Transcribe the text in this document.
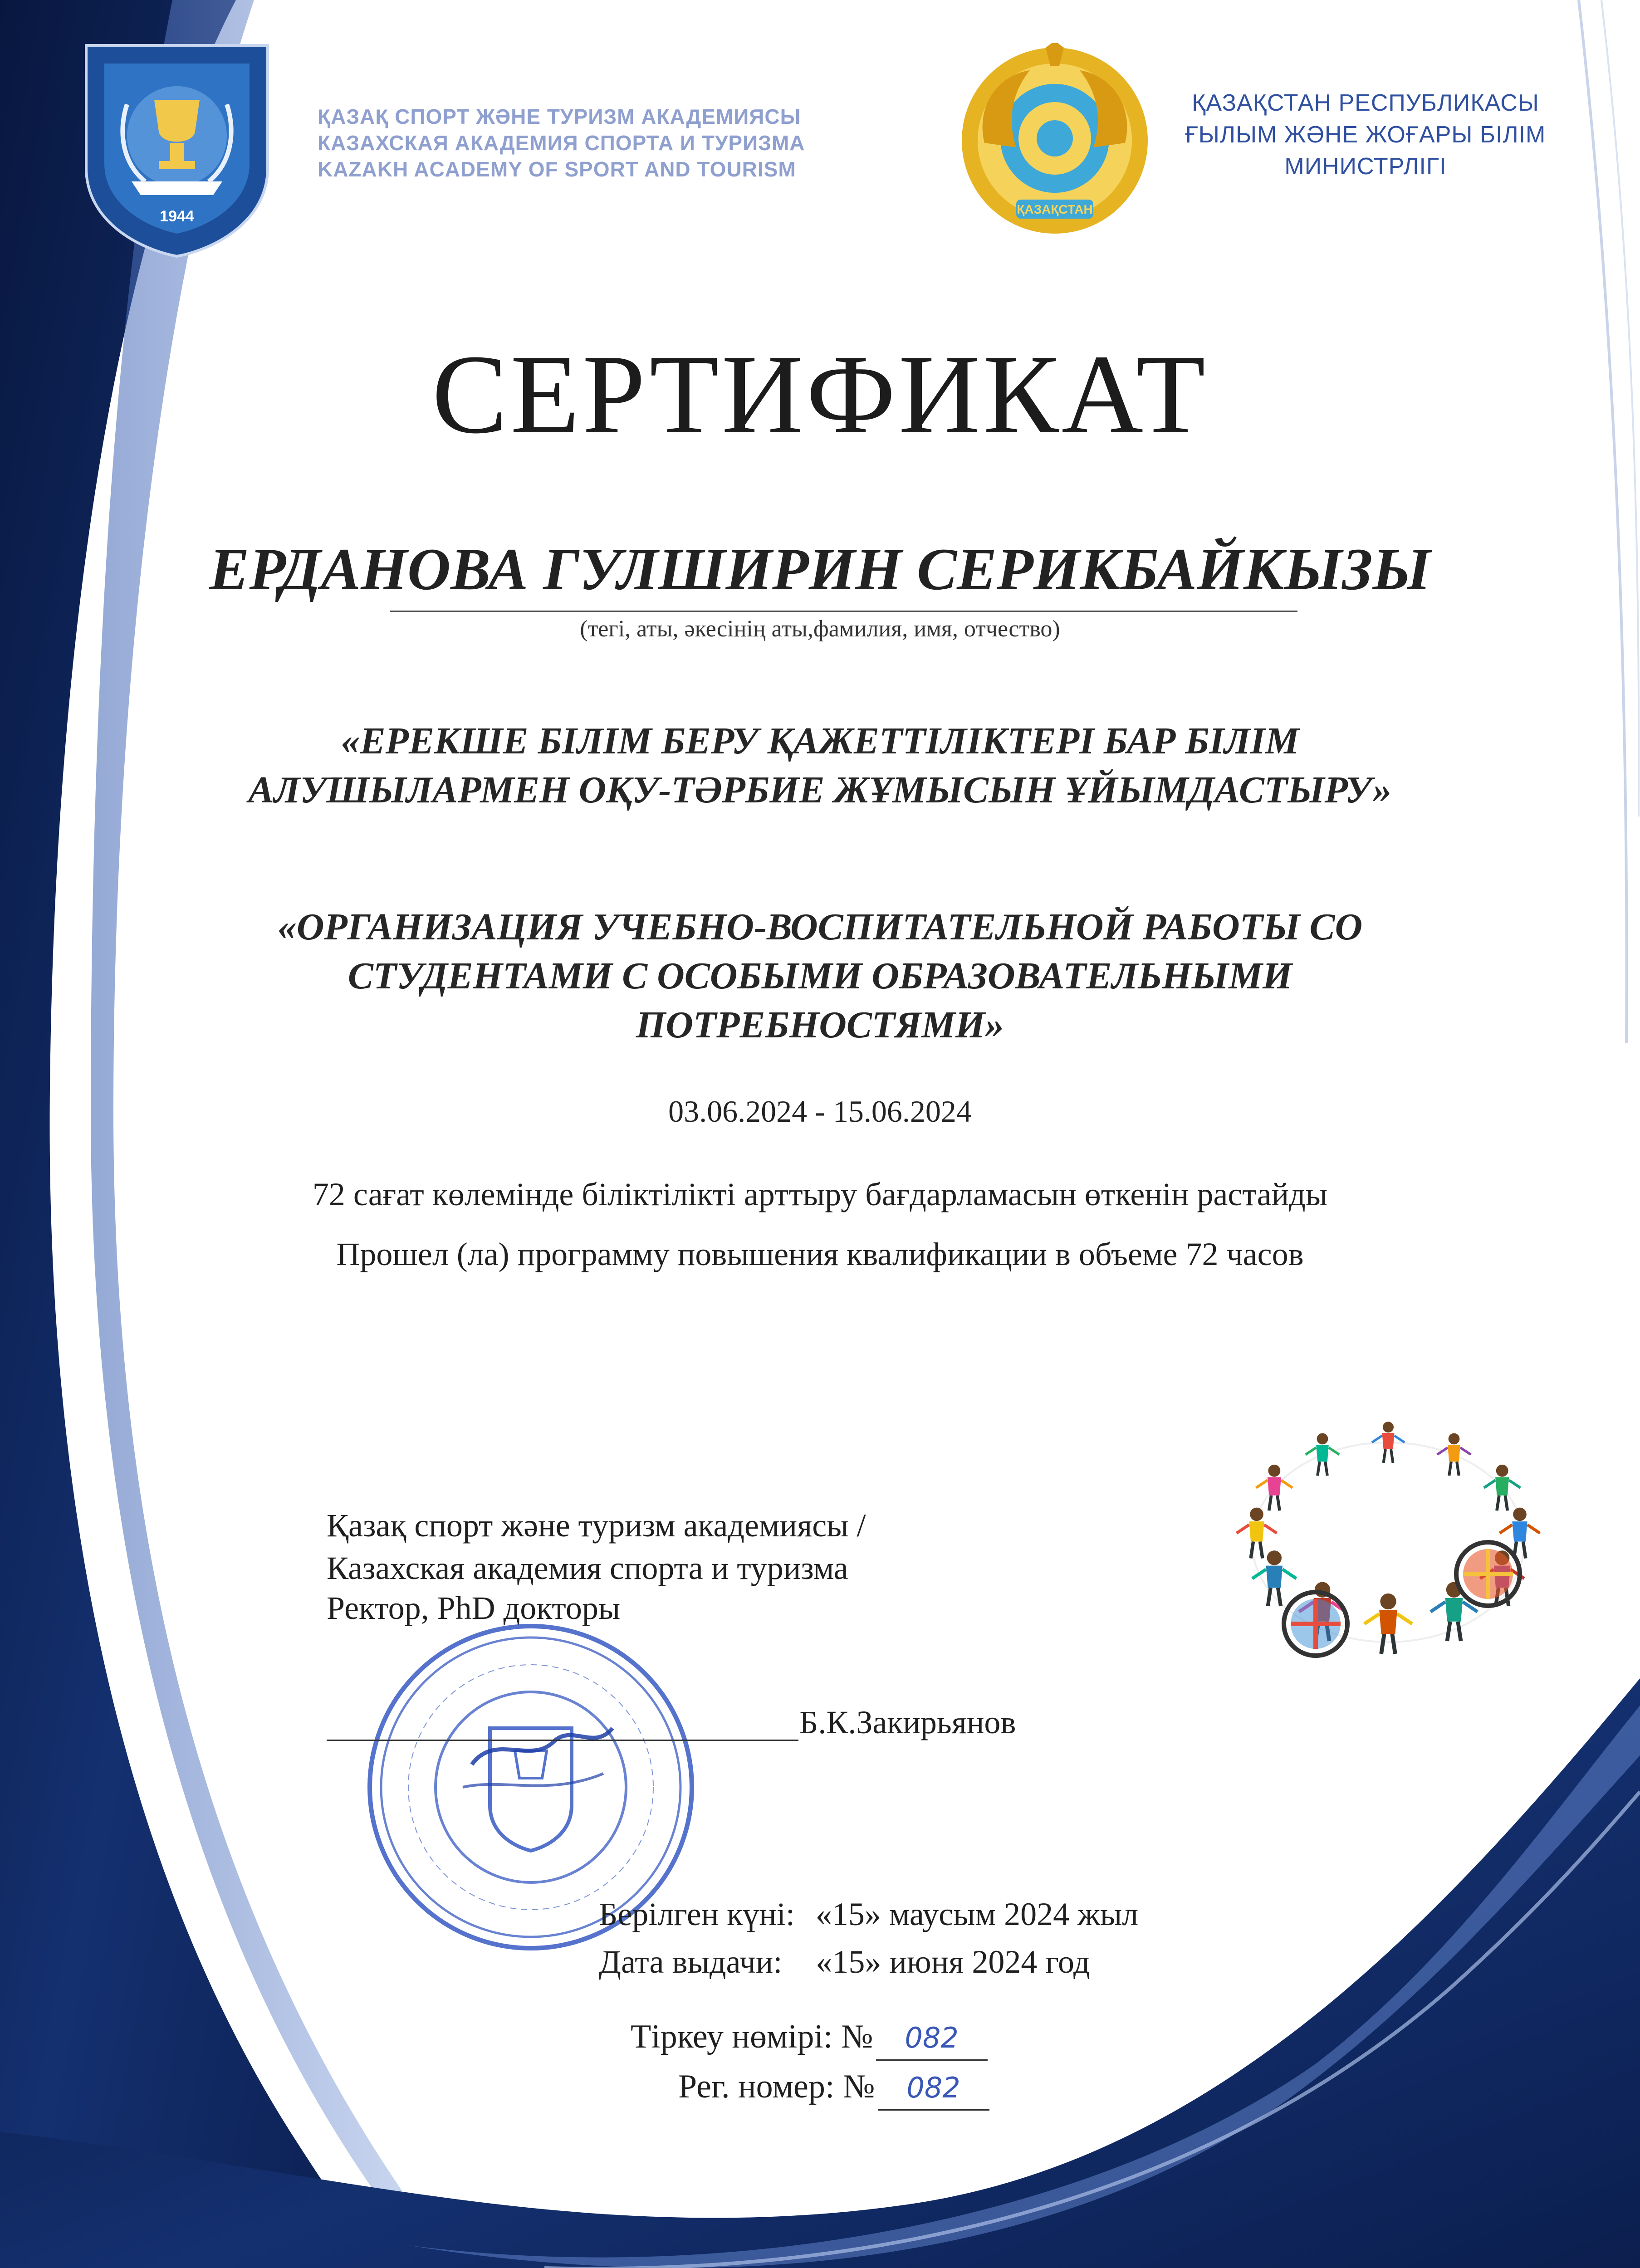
1944
ҚАЗАҚ СПОРТ ЖӘНЕ ТУРИЗМ АКАДЕМИЯСЫ
КАЗАХСКАЯ АКАДЕМИЯ СПОРТА И ТУРИЗМА
KAZAKH ACADEMY OF SPORT AND TOURISM
ҚАЗАҚСТАН
ҚАЗАҚСТАН РЕСПУБЛИКАСЫ
ҒЫЛЫМ ЖӘНЕ ЖОҒАРЫ БІЛІМ
МИНИСТРЛІГІ
СЕРТИФИКАТ
ЕРДАНОВА ГУЛШИРИН СЕРИКБАЙКЫЗЫ
(тегі, аты, әкесінің аты,фамилия, имя, отчество)
«ЕРЕКШЕ БІЛІМ БЕРУ ҚАЖЕТТІЛІКТЕРІ БАР БІЛІМ
АЛУШЫЛАРМЕН ОҚУ-ТӘРБИЕ ЖҰМЫСЫН ҰЙЫМДАСТЫРУ»
«ОРГАНИЗАЦИЯ УЧЕБНО-ВОСПИТАТЕЛЬНОЙ РАБОТЫ СО
СТУДЕНТАМИ С ОСОБЫМИ ОБРАЗОВАТЕЛЬНЫМИ
ПОТРЕБНОСТЯМИ»
03.06.2024 - 15.06.2024
72 сағат көлемінде біліктілікті арттыру бағдарламасын өткенін растайды
Прошел (ла) программу повышения квалификации в объеме 72 часов
Қазақ спорт және туризм академиясы /
Казахская академия спорта и туризма
Ректор, PhD докторы
Б.К.Закирьянов
Берілген күні: «15» маусым 2024 жыл
Дата выдачи: «15» июня 2024 год
Тіркеу нөмірі: № 082
Рег. номер: № 082
